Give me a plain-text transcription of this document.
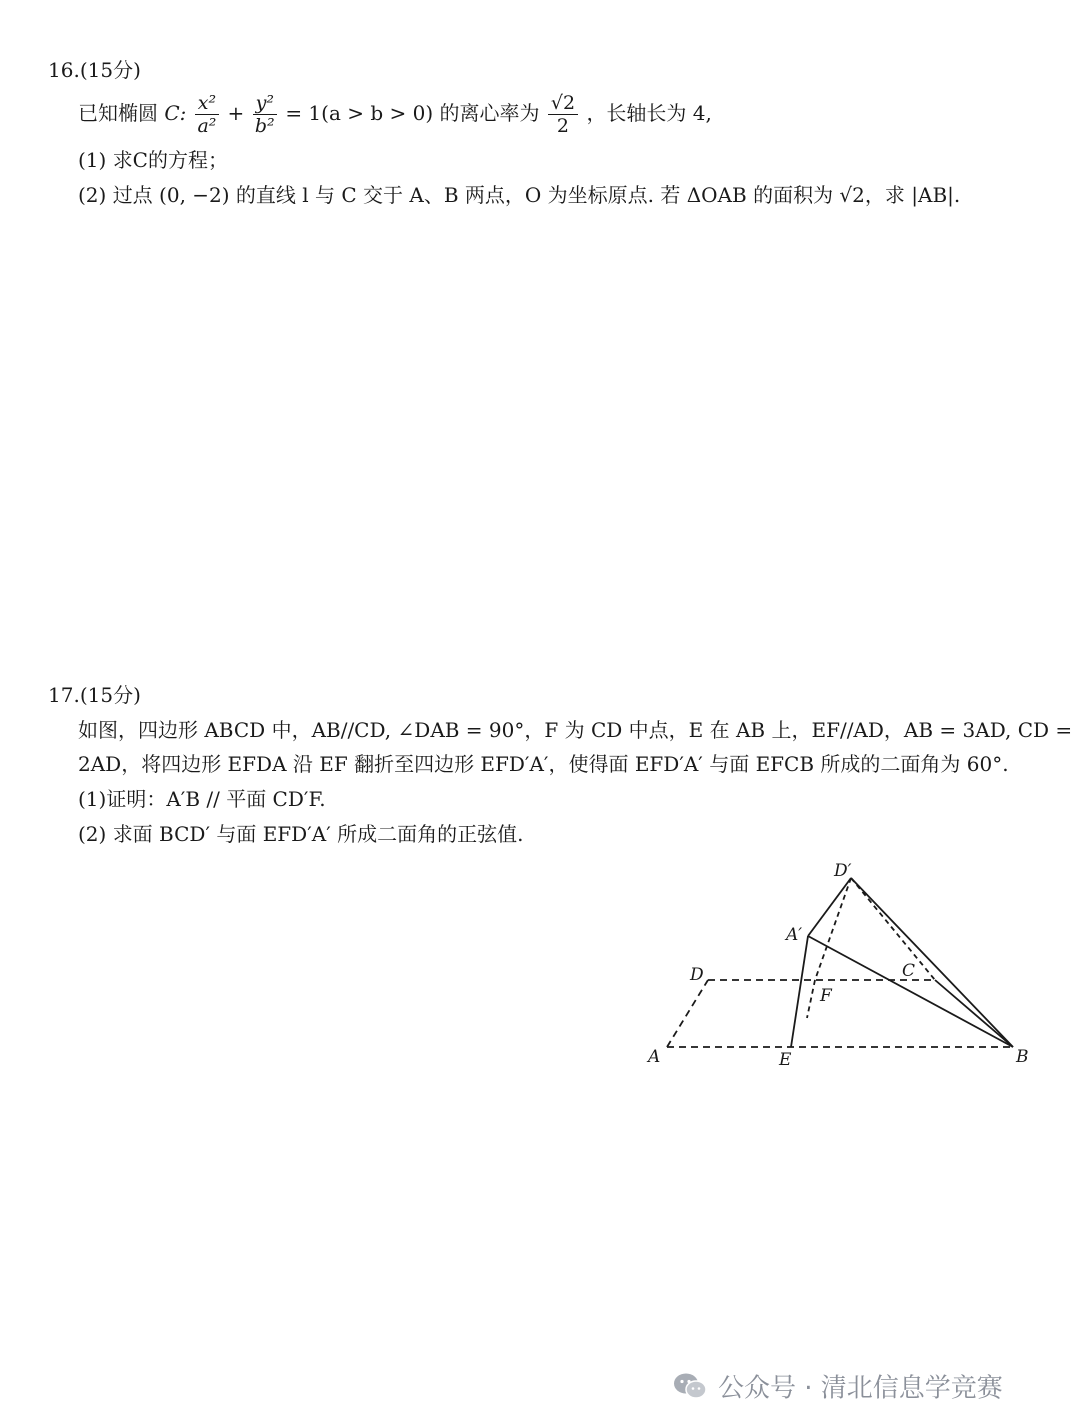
16.(15分)
已知椭圆 C: $\frac{\text{x²}}{\text{a²}} + \frac{\text{y²}}{\text{b²}} = 1(a > b > 0)$ 的离心率为 $\frac{√2}{2}$ ，长轴长为 4,
(1) 求C的方程；
(2) 过点 (0, −2) 的直线 l 与 C 交于 A、B 两点，O 为坐标原点. 若 ΔOAB 的面积为 √2，求 |AB|.
17.(15分)
如图，四边形 ABCD 中，AB//CD, ∠DAB = 90°，F 为 CD 中点，E 在 AB 上，EF//AD，AB = 3AD, CD =
2AD，将四边形 EFDA 沿 EF 翻折至四边形 EFD′A′，使得面 EFD′A′ 与面 EFCB 所成的二面角为 60°.
(1)证明：A′B // 平面 CD′F.
(2) 求面 BCD′ 与面 EFD′A′ 所成二面角的正弦值.
D′
A′
D	C
F
A	E	B
公众号 · 清北信息学竞赛
